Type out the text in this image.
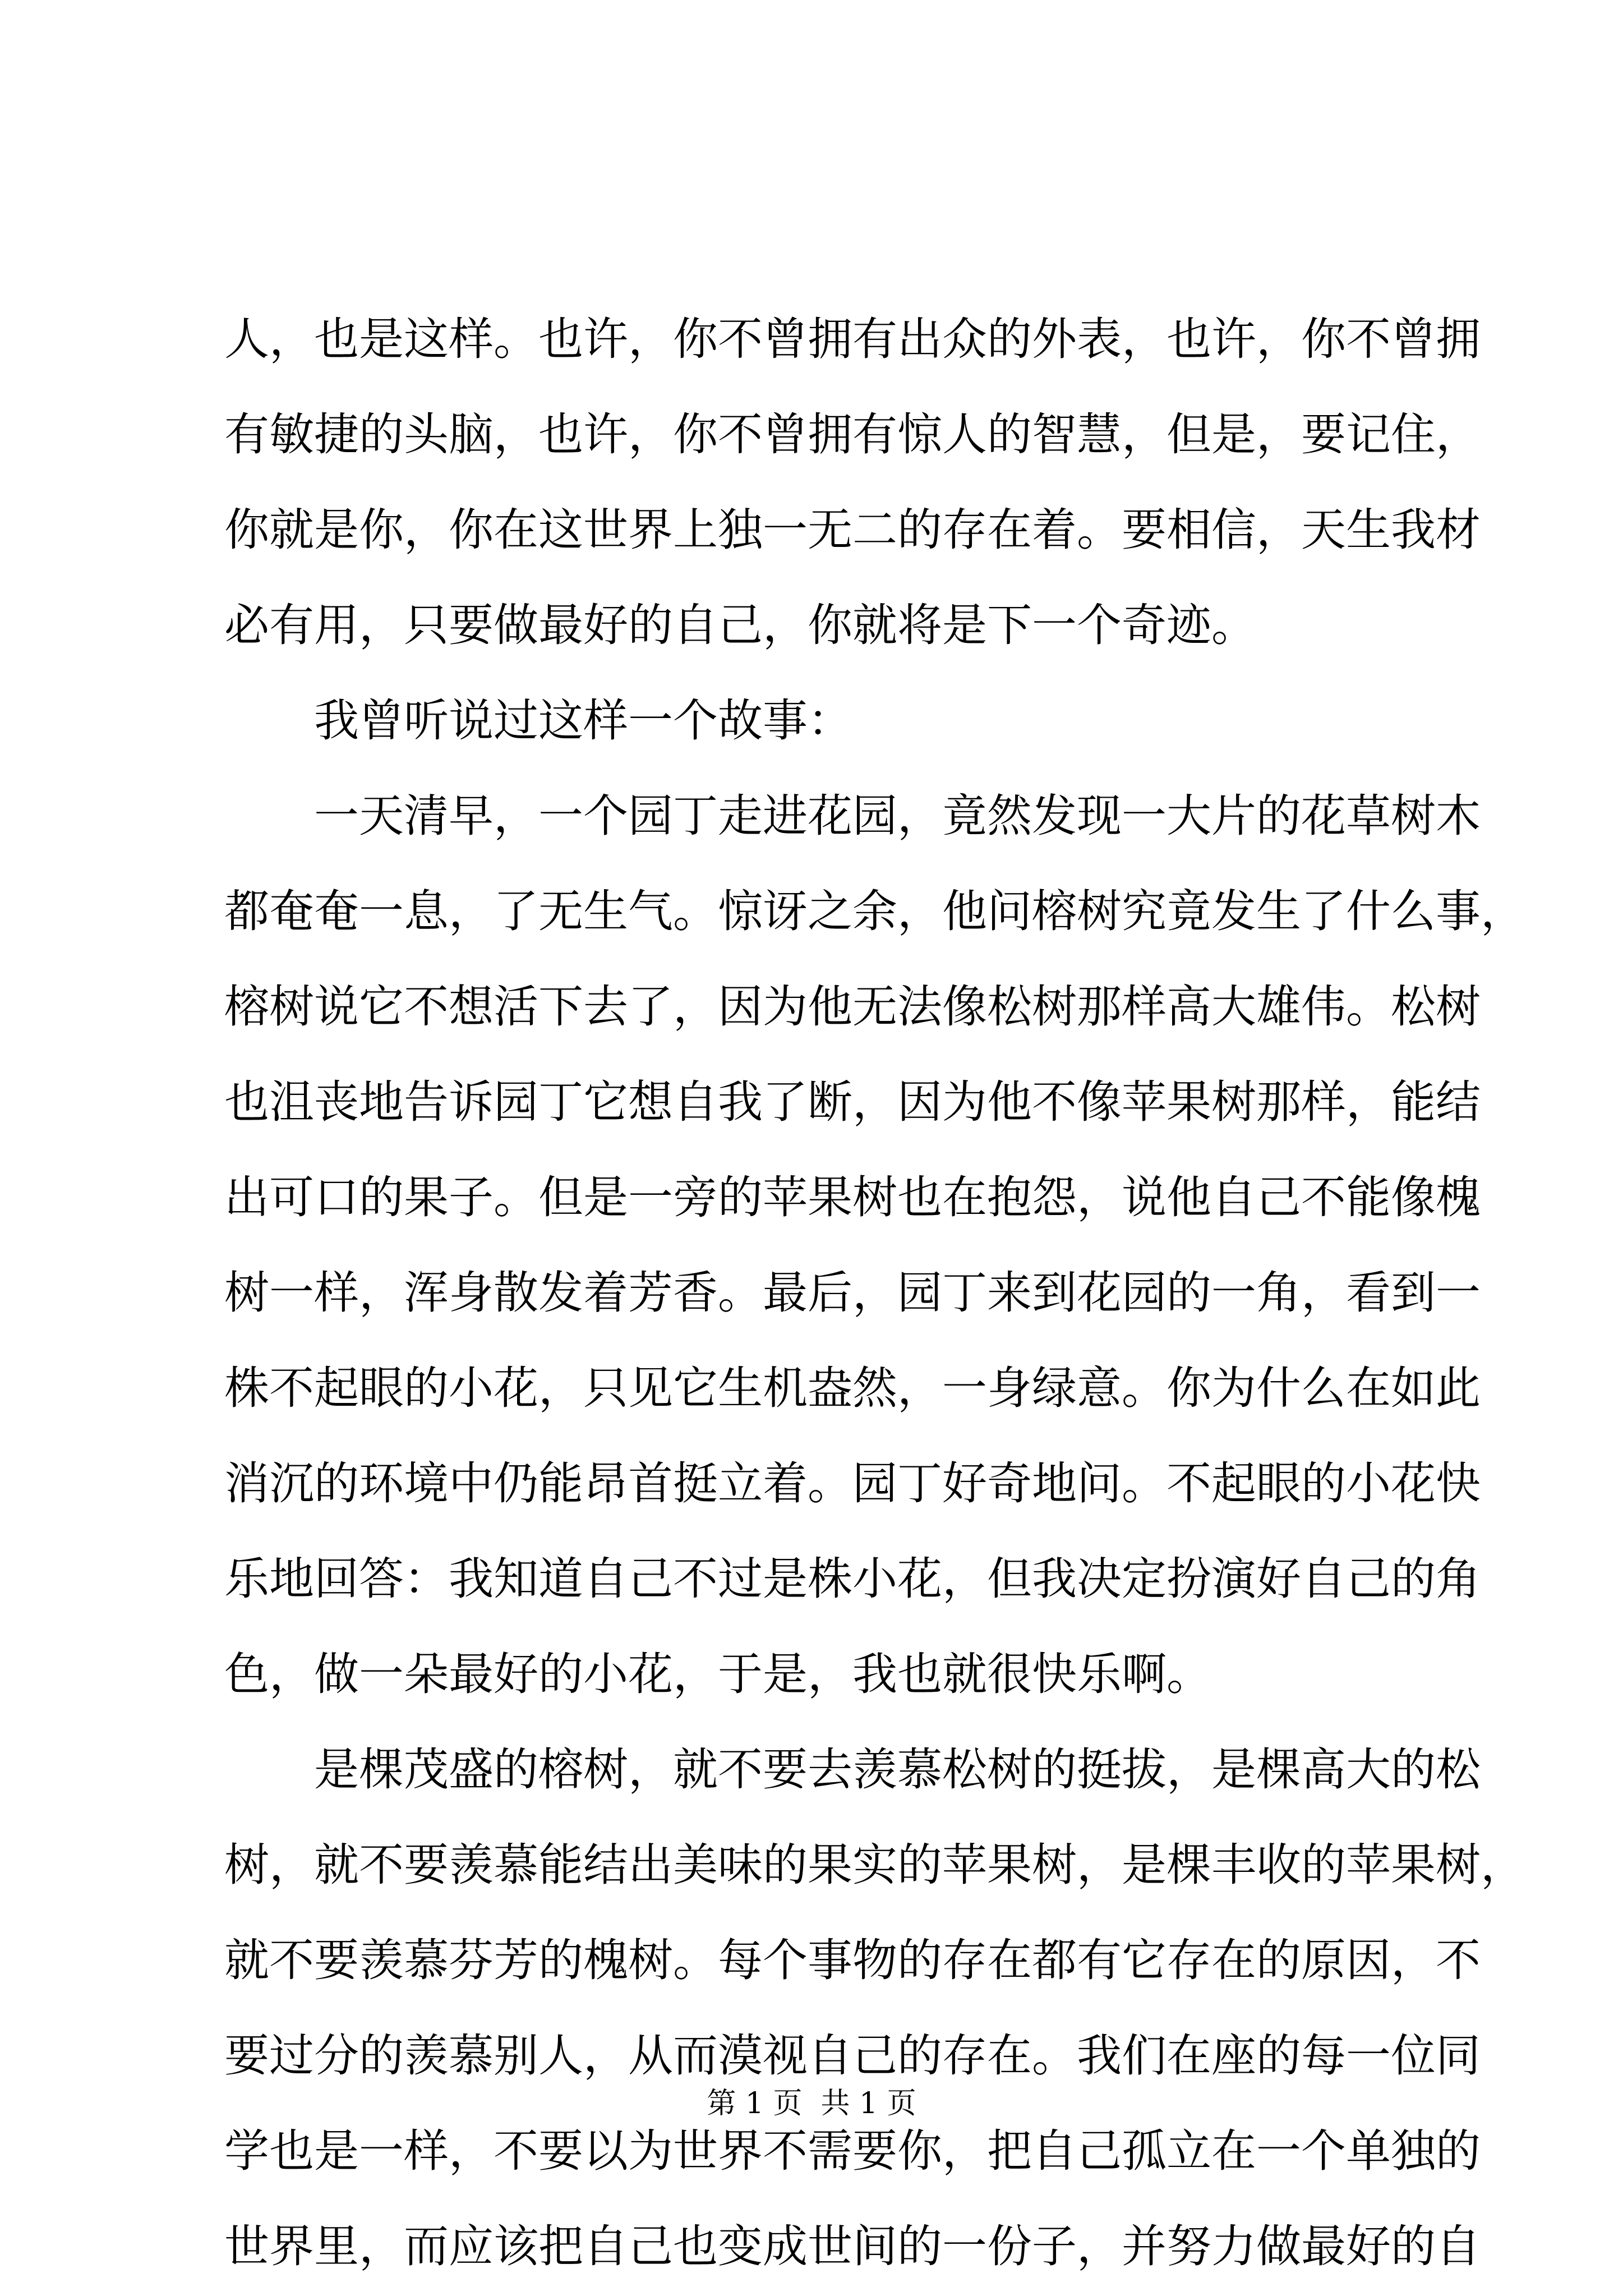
人，也是这样。也许，你不曾拥有出众的外表，也许，你不曾拥
有敏捷的头脑，也许，你不曾拥有惊人的智慧，但是，要记住，
你就是你，你在这世界上独一无二的存在着。要相信，天生我材
必有用，只要做最好的自己，你就将是下一个奇迹。
我曾听说过这样一个故事：
一天清早，一个园丁走进花园，竟然发现一大片的花草树木
都奄奄一息，了无生气。惊讶之余，他问榕树究竟发生了什么事，
榕树说它不想活下去了，因为他无法像松树那样高大雄伟。松树
也沮丧地告诉园丁它想自我了断，因为他不像苹果树那样，能结
出可口的果子。但是一旁的苹果树也在抱怨，说他自己不能像槐
树一样，浑身散发着芳香。最后，园丁来到花园的一角，看到一
株不起眼的小花，只见它生机盎然，一身绿意。你为什么在如此
消沉的环境中仍能昂首挺立着。园丁好奇地问。不起眼的小花快
乐地回答：我知道自己不过是株小花，但我决定扮演好自己的角
色，做一朵最好的小花，于是，我也就很快乐啊。
是棵茂盛的榕树，就不要去羡慕松树的挺拔，是棵高大的松
树，就不要羡慕能结出美味的果实的苹果树，是棵丰收的苹果树，
就不要羡慕芬芳的槐树。每个事物的存在都有它存在的原因，不
要过分的羡慕别人，从而漠视自己的存在。我们在座的每一位同
学也是一样，不要以为世界不需要你，把自己孤立在一个单独的
世界里，而应该把自己也变成世间的一份子，并努力做最好的自
第 1 页  共 1 页
